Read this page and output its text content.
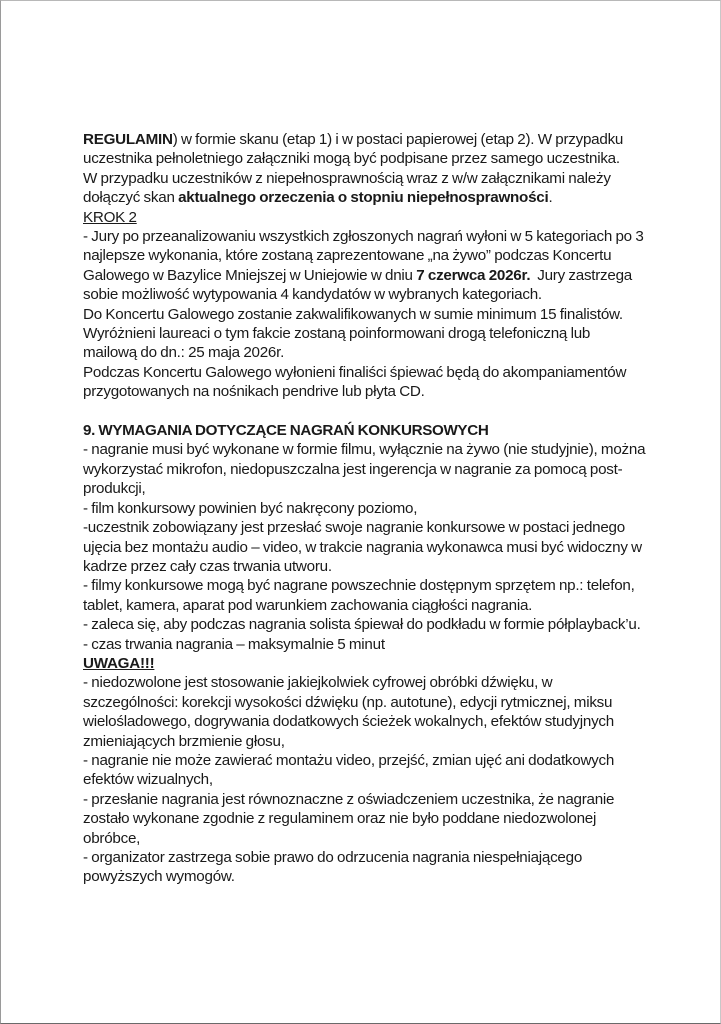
REGULAMIN) w formie skanu (etap 1) i w postaci papierowej (etap 2). W przypadku
uczestnika pełnoletniego załączniki mogą być podpisane przez samego uczestnika.
W przypadku uczestników z niepełnosprawnością wraz z w/w załącznikami należy
dołączyć skan aktualnego orzeczenia o stopniu niepełnosprawności.
KROK 2
- Jury po przeanalizowaniu wszystkich zgłoszonych nagrań wyłoni w 5 kategoriach po 3
najlepsze wykonania, które zostaną zaprezentowane „na żywo” podczas Koncertu
Galowego w Bazylice Mniejszej w Uniejowie w dniu 7 czerwca 2026r.  Jury zastrzega
sobie możliwość wytypowania 4 kandydatów w wybranych kategoriach.
Do Koncertu Galowego zostanie zakwalifikowanych w sumie minimum 15 finalistów.
Wyróżnieni laureaci o tym fakcie zostaną poinformowani drogą telefoniczną lub
mailową do dn.: 25 maja 2026r.
Podczas Koncertu Galowego wyłonieni finaliści śpiewać będą do akompaniamentów
przygotowanych na nośnikach pendrive lub płyta CD.
9. WYMAGANIA DOTYCZĄCE NAGRAŃ KONKURSOWYCH
- nagranie musi być wykonane w formie filmu, wyłącznie na żywo (nie studyjnie), można
wykorzystać mikrofon, niedopuszczalna jest ingerencja w nagranie za pomocą post-
produkcji,
- film konkursowy powinien być nakręcony poziomo,
-uczestnik zobowiązany jest przesłać swoje nagranie konkursowe w postaci jednego
ujęcia bez montażu audio – video, w trakcie nagrania wykonawca musi być widoczny w
kadrze przez cały czas trwania utworu.
- filmy konkursowe mogą być nagrane powszechnie dostępnym sprzętem np.: telefon,
tablet, kamera, aparat pod warunkiem zachowania ciągłości nagrania.
- zaleca się, aby podczas nagrania solista śpiewał do podkładu w formie półplayback’u.
- czas trwania nagrania – maksymalnie 5 minut
UWAGA!!!
- niedozwolone jest stosowanie jakiejkolwiek cyfrowej obróbki dźwięku, w
szczególności: korekcji wysokości dźwięku (np. autotune), edycji rytmicznej, miksu
wielośladowego, dogrywania dodatkowych ścieżek wokalnych, efektów studyjnych
zmieniających brzmienie głosu,
- nagranie nie może zawierać montażu video, przejść, zmian ujęć ani dodatkowych
efektów wizualnych,
- przesłanie nagrania jest równoznaczne z oświadczeniem uczestnika, że nagranie
zostało wykonane zgodnie z regulaminem oraz nie było poddane niedozwolonej
obróbce,
- organizator zastrzega sobie prawo do odrzucenia nagrania niespełniającego
powyższych wymogów.
